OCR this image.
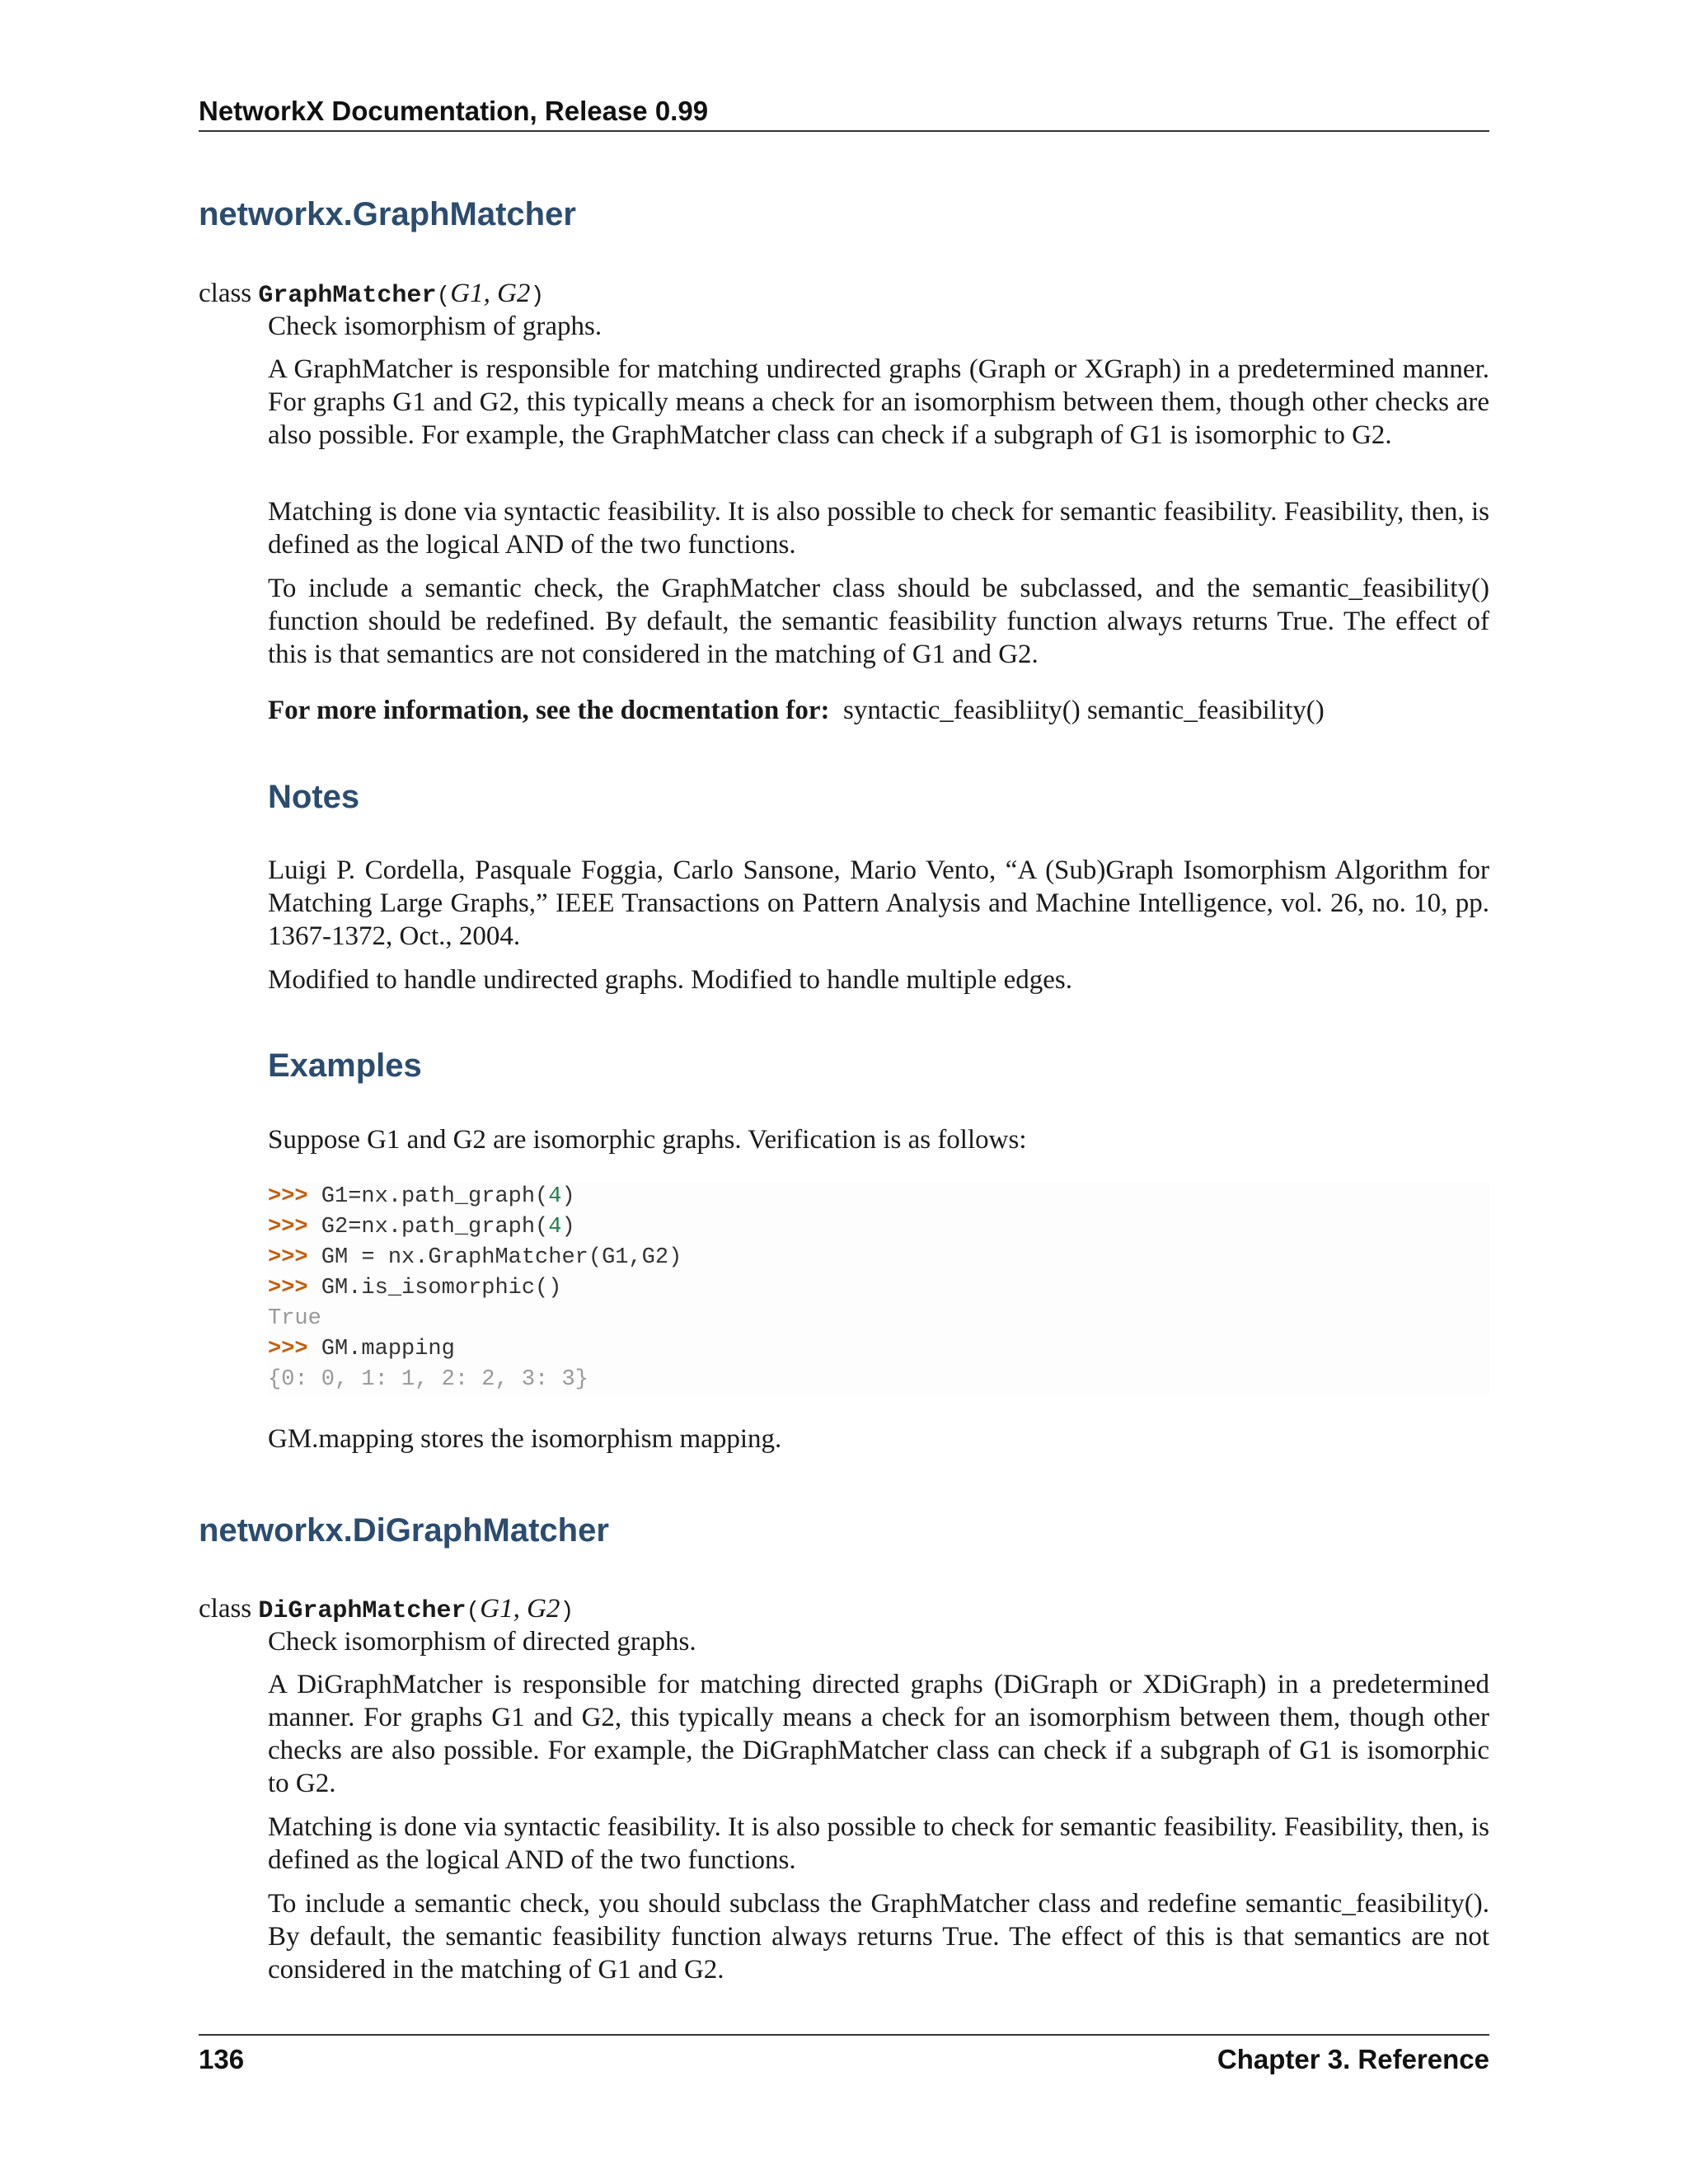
NetworkX Documentation, Release 0.99
networkx.GraphMatcher
class GraphMatcher(G1, G2)

Check isomorphism of graphs.

A GraphMatcher is responsible for matching undirected graphs (Graph or XGraph) in a predetermined manner. For graphs G1 and G2, this typically means a check for an isomorphism between them, though other checks are also possible. For example, the GraphMatcher class can check if a subgraph of G1 is isomorphic to G2.

Matching is done via syntactic feasibility. It is also possible to check for semantic feasibility. Feasibility, then, is defined as the logical AND of the two functions.

To include a semantic check, the GraphMatcher class should be subclassed, and the semantic_feasibility() function should be redefined. By default, the semantic feasibility function always returns True. The effect of this is that semantics are not considered in the matching of G1 and G2.

For more information, see the docmentation for: syntactic_feasibliity() semantic_feasibility()
Notes

Luigi P. Cordella, Pasquale Foggia, Carlo Sansone, Mario Vento, “A (Sub)Graph Isomorphism Algorithm for Matching Large Graphs,” IEEE Transactions on Pattern Analysis and Machine Intelligence, vol. 26, no. 10, pp. 1367-1372, Oct., 2004.

Modified to handle undirected graphs. Modified to handle multiple edges.

Examples

Suppose G1 and G2 are isomorphic graphs. Verification is as follows:

>>> G1=nx.path_graph(4)
>>> G2=nx.path_graph(4)
>>> GM = nx.GraphMatcher(G1,G2)
>>> GM.is_isomorphic()
True
>>> GM.mapping
{0: 0, 1: 1, 2: 2, 3: 3}

GM.mapping stores the isomorphism mapping.

networkx.DiGraphMatcher
class DiGraphMatcher(G1, G2)

Check isomorphism of directed graphs.

A DiGraphMatcher is responsible for matching directed graphs (DiGraph or XDiGraph) in a predetermined manner. For graphs G1 and G2, this typically means a check for an isomorphism between them, though other checks are also possible. For example, the DiGraphMatcher class can check if a subgraph of G1 is isomorphic to G2.

Matching is done via syntactic feasibility. It is also possible to check for semantic feasibility. Feasibility, then, is defined as the logical AND of the two functions.

To include a semantic check, you should subclass the GraphMatcher class and redefine semantic_feasibility(). By default, the semantic feasibility function always returns True. The effect of this is that semantics are not considered in the matching of G1 and G2.

136	Chapter 3. Reference
